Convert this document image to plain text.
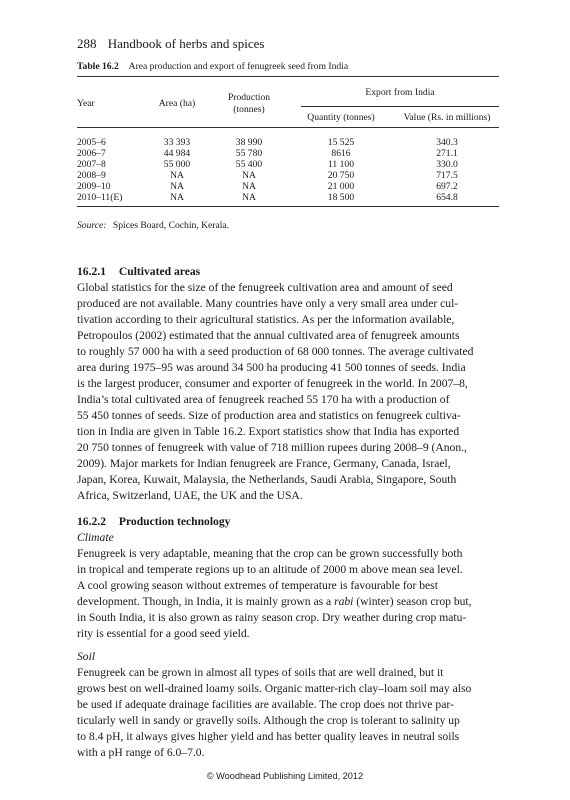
288 Handbook of herbs and spices
Table 16.2 Area production and export of fenugreek seed from India
Year	Area (ha)
Production
(tonnes)
Export from India
Quantity (tonnes)	Value (Rs. in millions)
2005–6	33 393	38 990	15 525	340.3
2006–7	44 984	55 780	8616	271.1
2007–8	55 000	55 400	11 100	330.0
2008–9	NA	NA	20 750	717.5
2009–10	NA	NA	21 000	697.2
2010–11(E)	NA	NA	18 500	654.8
Source: Spices Board, Cochin, Kerala.
16.2.1 Cultivated areas
Global statistics for the size of the fenugreek cultivation area and amount of seed
produced are not available. Many countries have only a very small area under cul-
tivation according to their agricultural statistics. As per the information available,
Petropoulos (2002) estimated that the annual cultivated area of fenugreek amounts
to roughly 57 000 ha with a seed production of 68 000 tonnes. The average cultivated
area during 1975–95 was around 34 500 ha producing 41 500 tonnes of seeds. India
is the largest producer, consumer and exporter of fenugreek in the world. In 2007–8,
India’s total cultivated area of fenugreek reached 55 170 ha with a production of
55 450 tonnes of seeds. Size of production area and statistics on fenugreek cultiva-
tion in India are given in Table 16.2. Export statistics show that India has exported
20 750 tonnes of fenugreek with value of 718 million rupees during 2008–9 (Anon.,
2009). Major markets for Indian fenugreek are France, Germany, Canada, Israel,
Japan, Korea, Kuwait, Malaysia, the Netherlands, Saudi Arabia, Singapore, South
Africa, Switzerland, UAE, the UK and the USA.
16.2.2 Production technology
Climate
Fenugreek is very adaptable, meaning that the crop can be grown successfully both
in tropical and temperate regions up to an altitude of 2000 m above mean sea level.
A cool growing season without extremes of temperature is favourable for best
development. Though, in India, it is mainly grown as a rabi (winter) season crop but,
in South India, it is also grown as rainy season crop. Dry weather during crop matu-
rity is essential for a good seed yield.
Soil
Fenugreek can be grown in almost all types of soils that are well drained, but it
grows best on well-drained loamy soils. Organic matter-rich clay–loam soil may also
be used if adequate drainage facilities are available. The crop does not thrive par-
ticularly well in sandy or gravelly soils. Although the crop is tolerant to salinity up
to 8.4 pH, it always gives higher yield and has better quality leaves in neutral soils
with a pH range of 6.0–7.0.
© Woodhead Publishing Limited, 2012
